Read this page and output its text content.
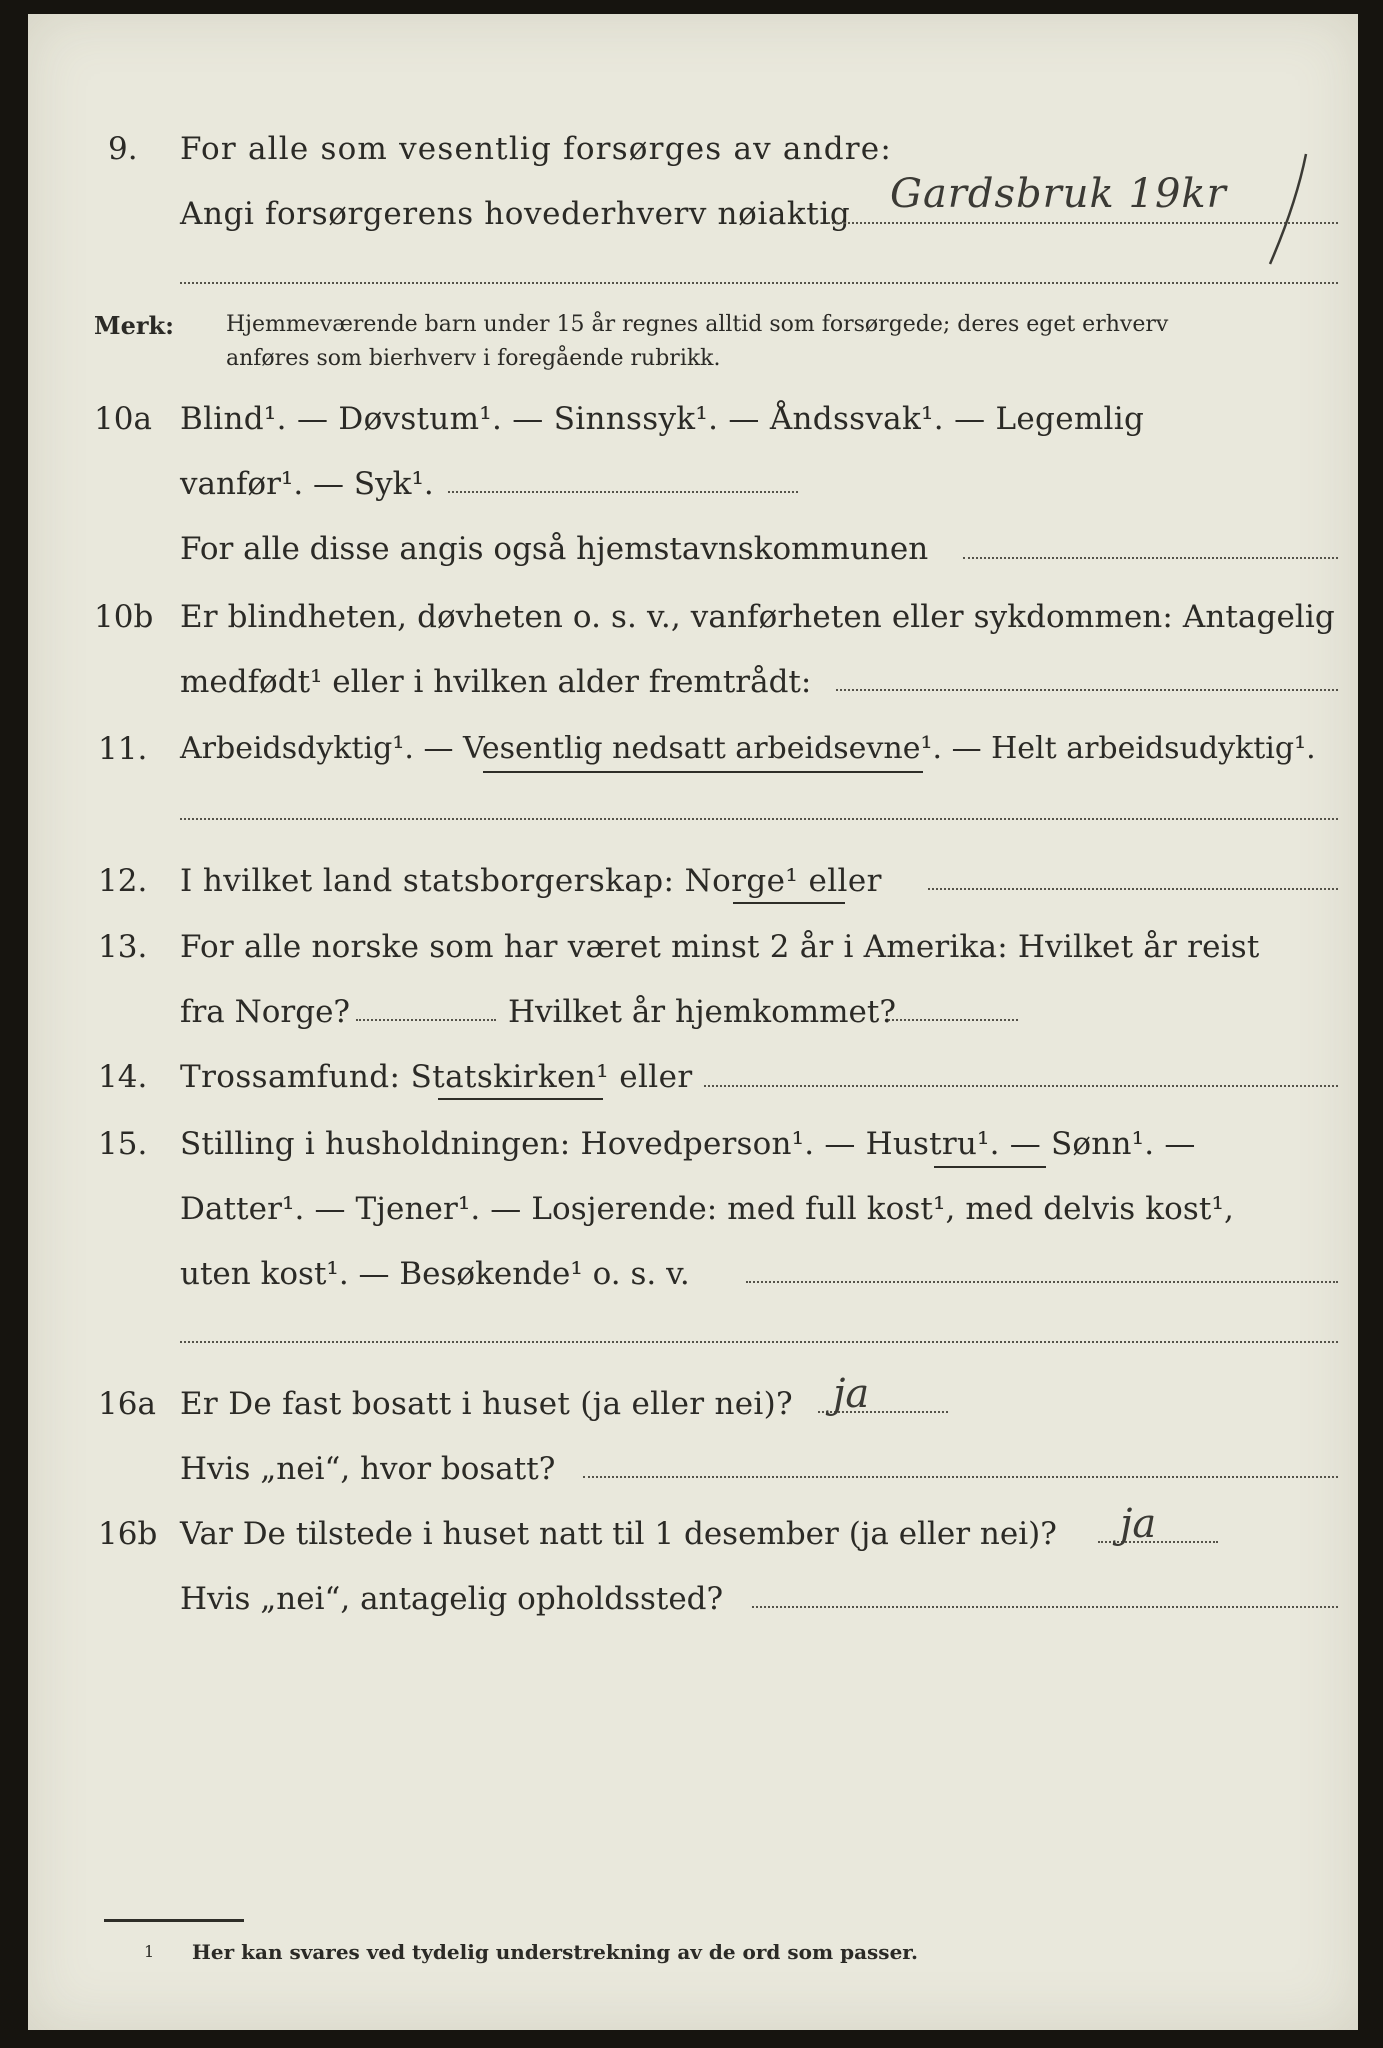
9. For alle som vesentlig forsørges av andre:
Angi forsørgerens hovederhverv nøiaktig Gardsbruk 19kr
Merk: Hjemmeværende barn under 15 år regnes alltid som forsørgede; deres eget erhverv
anføres som bierhverv i foregående rubrikk.
10a Blind¹. — Døvstum¹. — Sinnssyk¹. — Åndssvak¹. — Legemlig
vanfør¹. — Syk¹.
For alle disse angis også hjemstavnskommunen
10b Er blindheten, døvheten o. s. v., vanførheten eller sykdommen: Antagelig
medfødt¹ eller i hvilken alder fremtrådt:
11. Arbeidsdyktig¹. — Vesentlig nedsatt arbeidsevne¹. — Helt arbeidsudyktig¹.
12. I hvilket land statsborgerskap: Norge¹ eller
13. For alle norske som har været minst 2 år i Amerika: Hvilket år reist
fra Norge?	Hvilket år hjemkommet?
14. Trossamfund: Statskirken¹ eller
15. Stilling i husholdningen: Hovedperson¹. — Hustru¹. — Sønn¹. —
Datter¹. — Tjener¹. — Losjerende: med full kost¹, med delvis kost¹,
uten kost¹. — Besøkende¹ o. s. v.
16a Er De fast bosatt i huset (ja eller nei)? ja
Hvis „nei“, hvor bosatt?
16b Var De tilstede i huset natt til 1 desember (ja eller nei)? ja
Hvis „nei“, antagelig opholdssted?
1 Her kan svares ved tydelig understrekning av de ord som passer.
